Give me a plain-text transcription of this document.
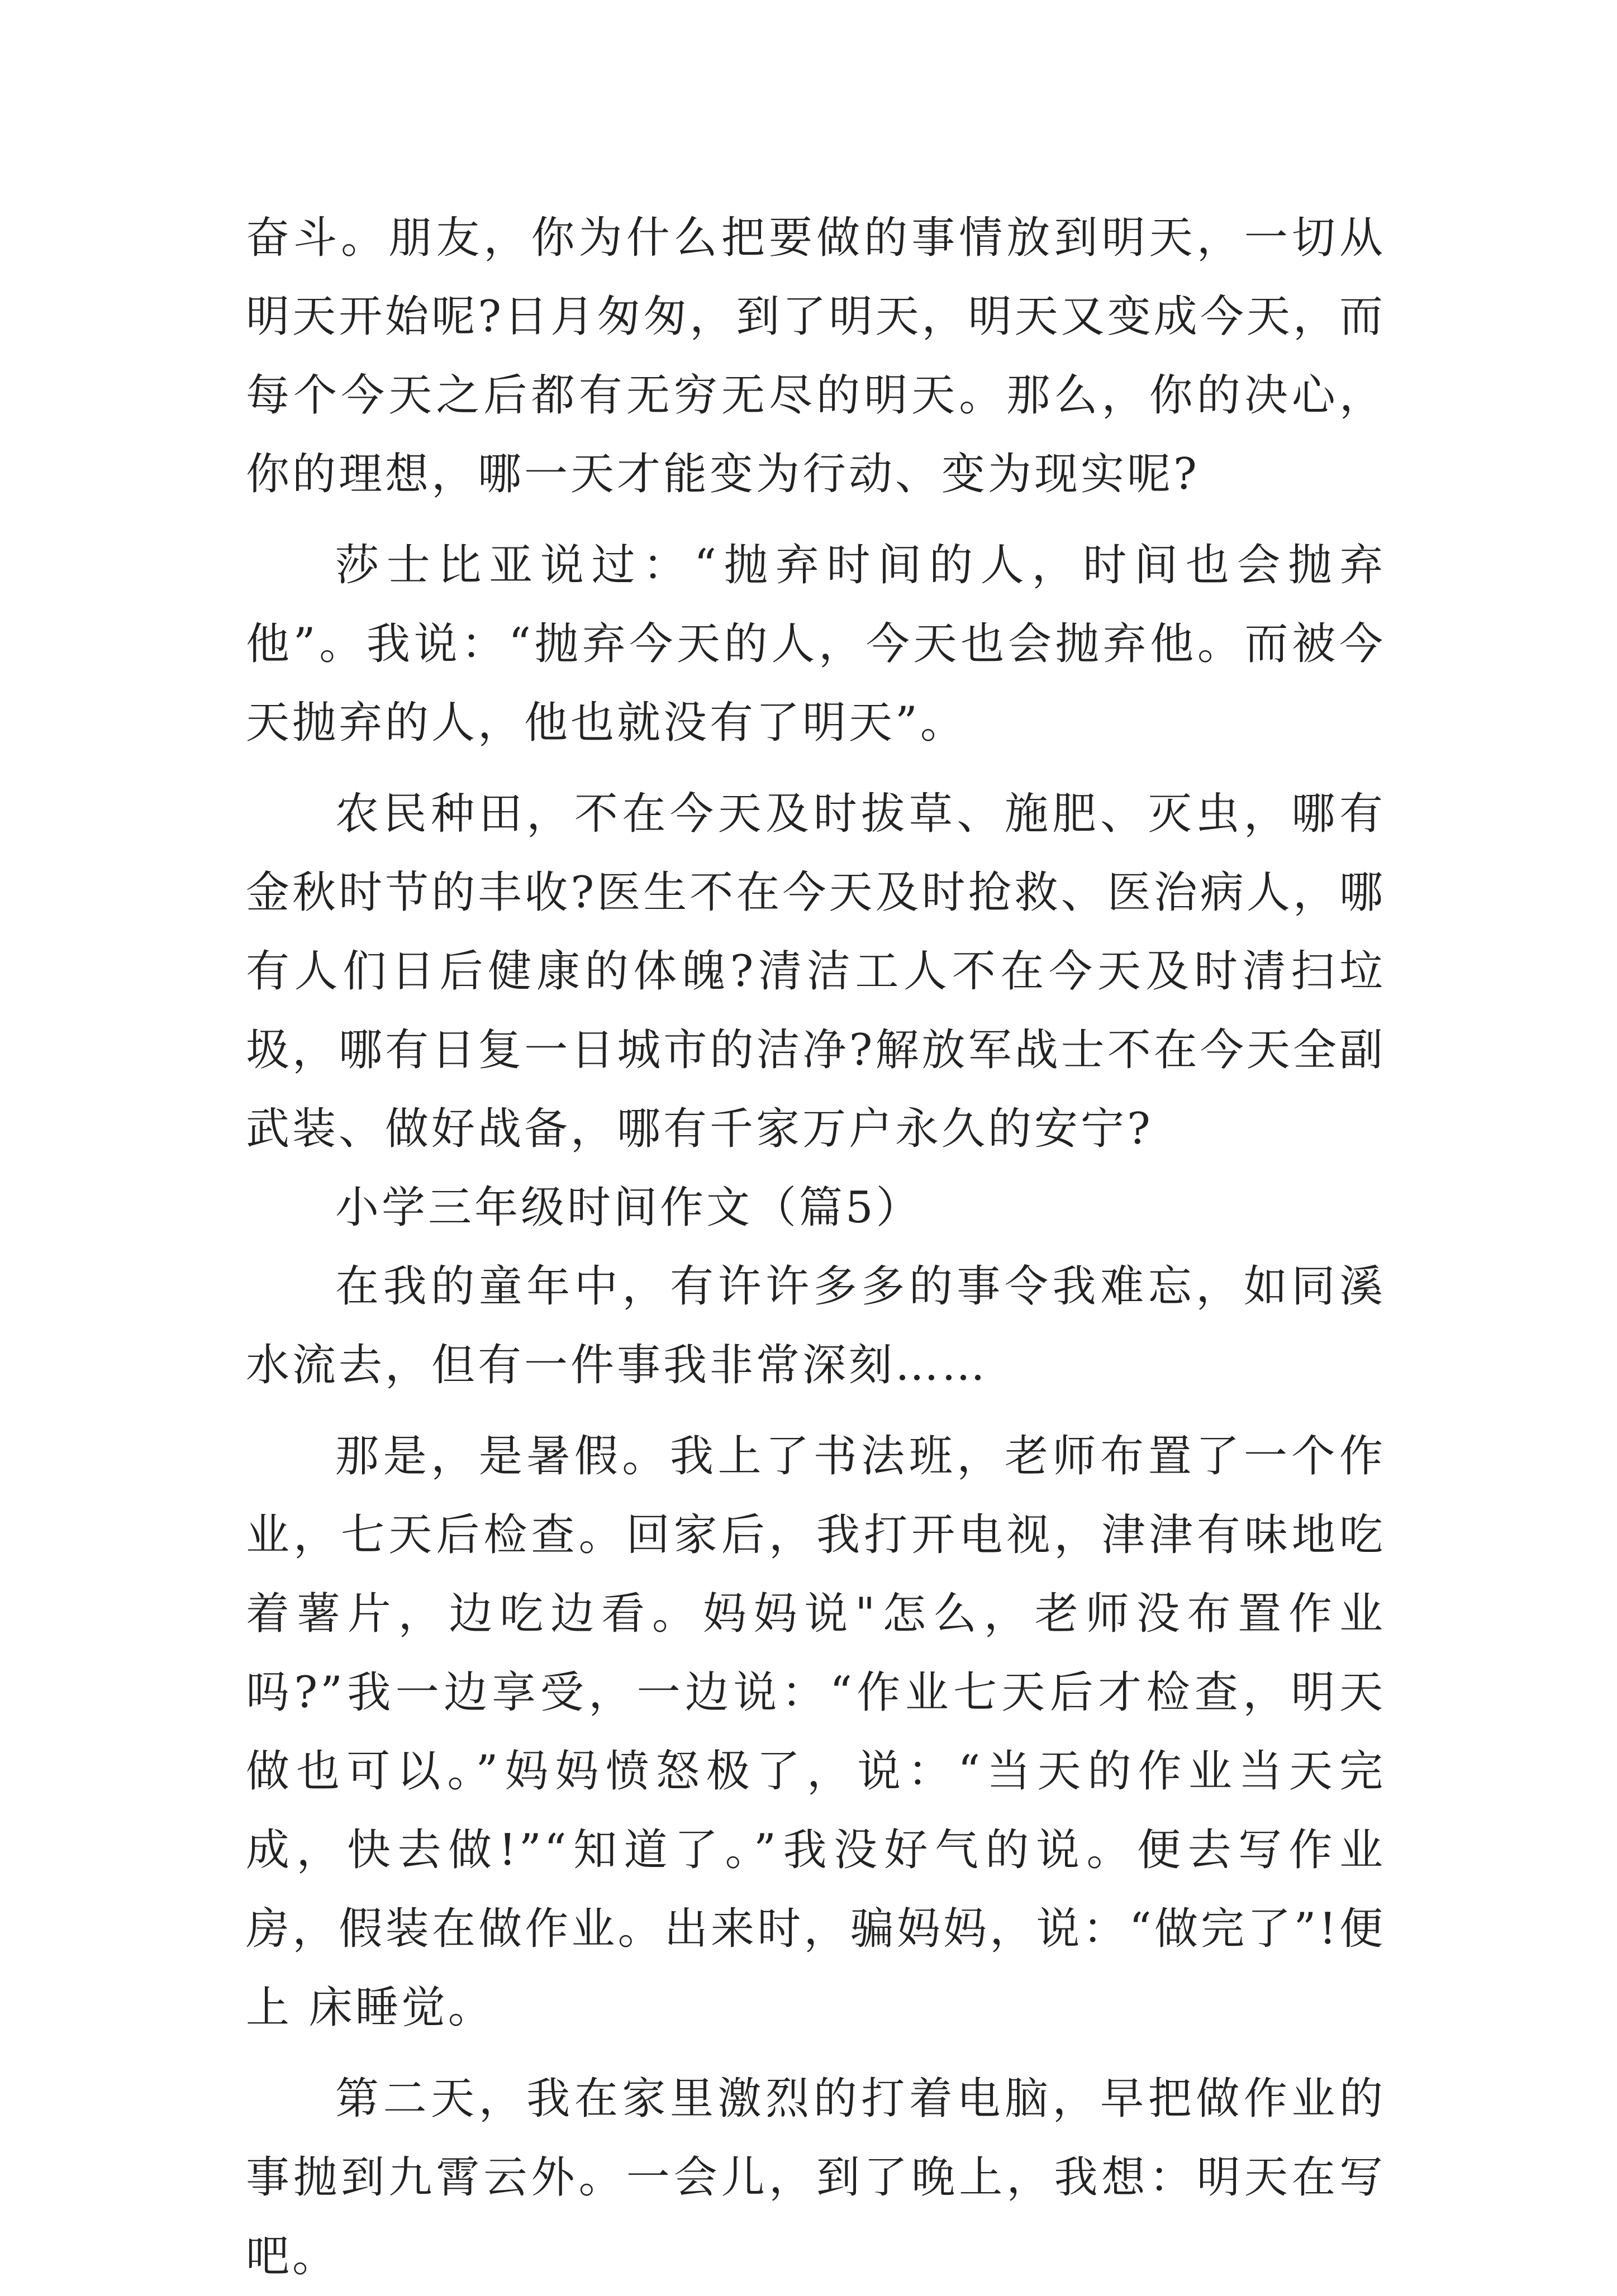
奋斗。朋友，你为什么把要做的事情放到明天，一切从明天开始呢?日月匆匆，到了明天，明天又变成今天，而每个今天之后都有无穷无尽的明天。那么，你的决心，你的理想，哪一天才能变为行动、变为现实呢?

莎士比亚说过：“抛弃时间的人，时间也会抛弃他”。我说：“抛弃今天的人，今天也会抛弃他。而被今天抛弃的人，他也就没有了明天”。

农民种田，不在今天及时拔草、施肥、灭虫，哪有金秋时节的丰收?医生不在今天及时抢救、医治病人，哪有人们日后健康的体魄?清洁工人不在今天及时清扫垃圾，哪有日复一日城市的洁净?解放军战士不在今天全副武装、做好战备，哪有千家万户永久的安宁?

小学三年级时间作文（篇5）

在我的童年中，有许许多多的事令我难忘，如同溪水流去，但有一件事我非常深刻……

那是，是暑假。我上了书法班，老师布置了一个作业，七天后检查。回家后，我打开电视，津津有味地吃着薯片，边吃边看。妈妈说"怎么，老师没布置作业吗?”我一边享受，一边说：“作业七天后才检查，明天做也可以。”妈妈愤怒极了，说：“当天的作业当天完成，快去做!”“知道了。”我没好气的说。便去写作业房，假装在做作业。出来时，骗妈妈，说：“做完了”!便上 床睡觉。

第二天，我在家里激烈的打着电脑，早把做作业的事抛到九霄云外。一会儿，到了晚上，我想：明天在写吧。
